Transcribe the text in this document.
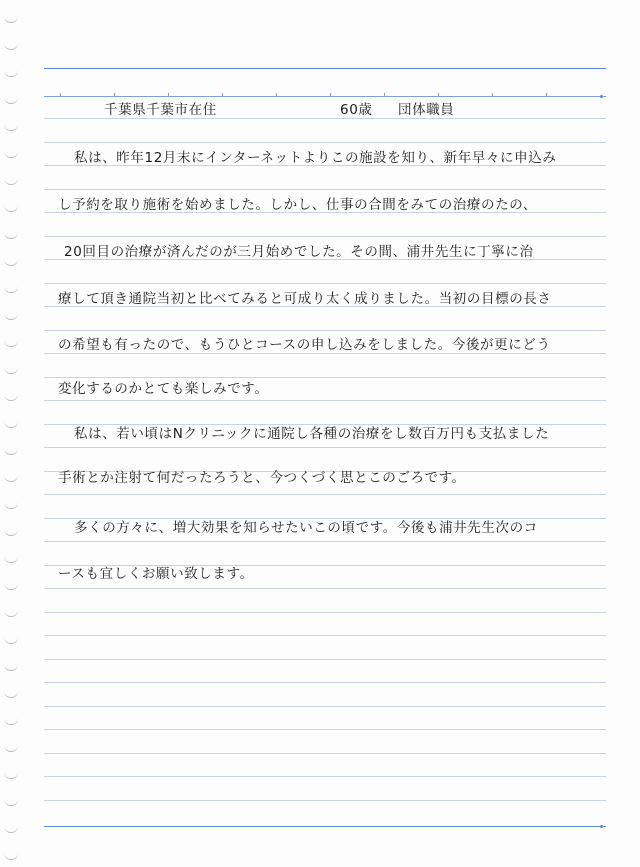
千葉県千葉市在住	60歳 団体職員
私は、昨年12月末にインターネットよりこの施設を知り、新年早々に申込み
し予約を取り施術を始めました。しかし、仕事の合間をみての治療のたの、
20回目の治療が済んだのが三月始めでした。その間、浦井先生に丁寧に治
療して頂き通院当初と比べてみると可成り太く成りました。当初の目標の長さ
の希望も有ったので、もうひとコースの申し込みをしました。今後が更にどう
変化するのかとても楽しみです。
私は、若い頃はNクリニックに通院し各種の治療をし数百万円も支払ました
手術とか注射て何だったろうと、今つくづく思とこのごろです。
多くの方々に、増大効果を知らせたいこの頃です。今後も浦井先生次のコ
ースも宜しくお願い致します。
